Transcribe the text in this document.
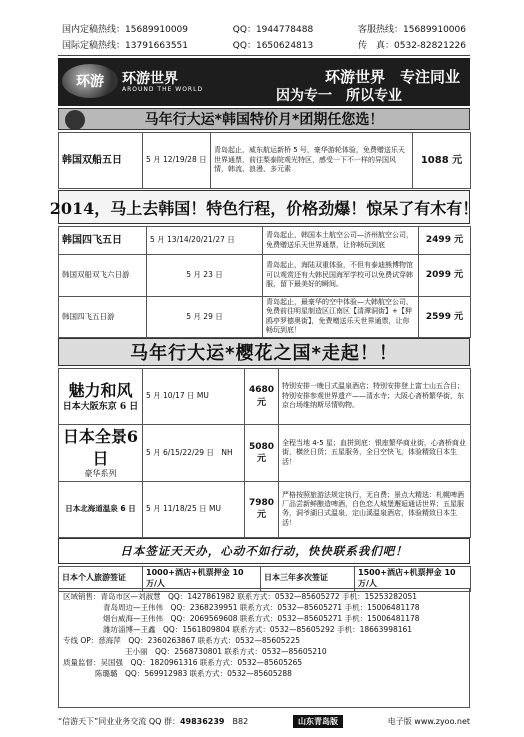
国内定稿热线：15689910009	QQ：1944778488	客服热线：15689910006
国际定稿热线：13791663551	QQ：1650624813	传　真：0532-82821226
环游	环游世界
AROUND THE WORLD
环游世界　专注同业
因为专一　所以专业
马年行大运*韩国特价月*团期任您选！
韩国双船五日	5 月 12/19/28 日	青岛起止，威东航运新桥 5 号，豪华游轮体验，免费赠送乐天世界通票，前往梨泰院观光特区，感受一下不一样的异国风情，韩流、浪漫、多元素	1088 元
2014，马上去韩国！特色行程，价格劲爆！惊呆了有木有！
韩国四飞五日	5 月 13/14/20/21/27 日	青岛起止，韩国本土航空公司—济州航空公司，免费赠送乐天世界通票，让你畅玩到底	2499 元
韩国双船双飞六日游	5 月 23 日	青岛起止，海陆双重体验，不但有泰迪熊博物馆可以观赏还有大韩民国海军学校可以免费试穿韩服，留下最美好的瞬间。	2099 元
韩国四飞五日游	5 月 29 日	青岛起止，最豪华的空中体验—大韩航空公司，免费前往明星制造区江南区【清潭洞街】+【狎鸥亭罗德奥街】，免费赠送乐天世界通票，让你畅玩到底！	2599 元
马年行大运*樱花之国*走起！！
魅力和风
日本大阪东京 6 日	5 月 10/17 日 MU	4680 元	特别安排一晚日式温泉酒店；特别安排登上富士山五合目；特别安排参观世界遗产——清水寺；大阪心斋桥繁华街，东京台场维纳斯尽情购物。

日本全景6日
豪华系列	5 月 6/15/22/29 日　NH	5080 元	全程当地 4-5 星；血拼到底：银座繁华商业街，心斋桥商业街，横丝日货；五星服务，全日空快飞，体验精致日本生活！
日本北海道温泉 6 日	5 月 11/18/25 日 MU	7980 元	严格按照旅游法规定执行，无自费；景点大精选：札幌啤酒厂品尝新鲜酿造啤酒，白色恋人城堡邂逅通话世界；五星服务，洞爷湖日式温泉，定山溪温泉酒店，体验精致日本生活！
日本签证天天办，心动不如行动，快快联系我们吧！
日本个人旅游签证	1000+酒店+机票押金 10 万/人	日本三年多次签证	1500+酒店+机票押金 10 万/人
区域销售：青岛市区—刘淑慧　 QQ：1427861982 联系方式：0532—85605272 手机：15253282051
青岛周边—王伟伟　 QQ：2368239951 联系方式：0532—85605271 手机：15006481178
烟台威海—王伟伟　 QQ：2069569608 联系方式：0532—85605271 手机：15006481178
潍坊淄博—王鑫　 QQ：1561809804 联系方式：0532—85605292 手机：18663998161
专线 OP：慈海萍　 QQ：2360263867 联系方式：0532—85605225
王小丽　 QQ：2568730801 联系方式：0532—85605210
质量监督：吴国强　 QQ：1820961316 联系方式：0532—85605265
陈璐璐　 QQ：569912983 联系方式：0532—85605288
“信游天下”同业业务交流 QQ 群：49836239　 B82	山东青岛版	电子版 www.zyoo.net
